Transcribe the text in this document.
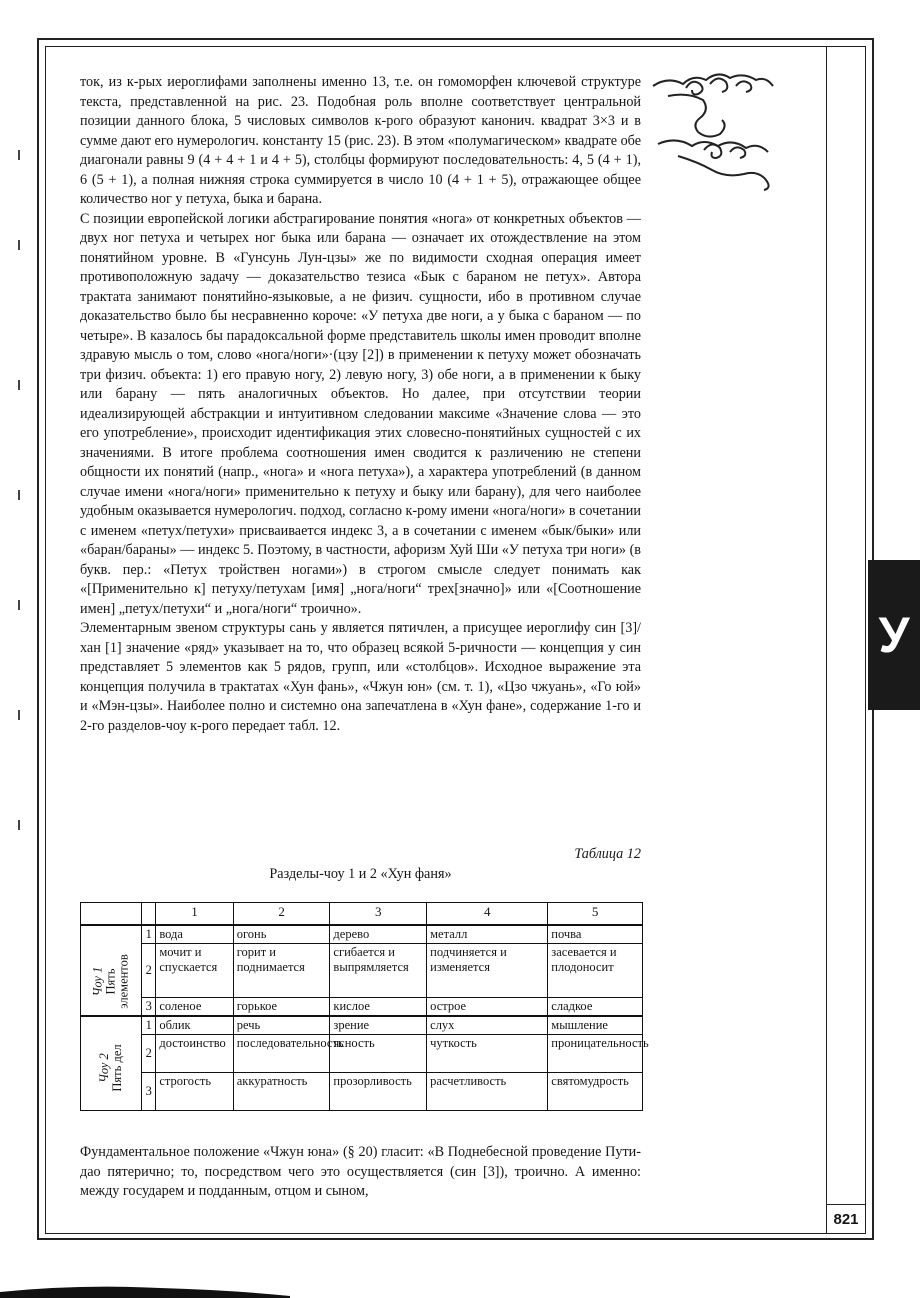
821
У

ток, из к-рых иероглифами заполнены именно 13, т.е. он гомоморфен ключевой структуре текста, представленной на рис. 23. Подобная роль вполне соответствует центральной позиции данного блока, 5 числовых символов к-рого образуют канонич. квадрат 3×3 и в сумме дают его нумерологич. константу 15 (рис. 23). В этом «полумагическом» квадрате обе диагонали равны 9 (4 + 4 + 1 и 4 + 5), столбцы формируют последовательность: 4, 5 (4 + 1), 6 (5 + 1), а полная нижняя строка суммируется в число 10 (4 + 1 + 5), отражающее общее количество ног у петуха, быка и барана.

С позиции европейской логики абстрагирование понятия «нога» от конкретных объектов — двух ног петуха и четырех ног быка или барана — означает их отождествление на этом понятийном уровне. В «Гунсунь Лун-цзы» же по видимости сходная операция имеет противоположную задачу — доказательство тезиса «Бык с бараном не петух». Автора трактата занимают понятийно-языковые, а не физич. сущности, ибо в противном случае доказательство было бы несравненно короче: «У петуха две ноги, а у быка с бараном — по четыре». В казалось бы парадоксальной форме представитель школы имен проводит вполне здравую мысль о том, слово «нога/ноги»·(цзу [2]) в применении к петуху может обозначать три физич. объекта: 1) его правую ногу, 2) левую ногу, 3) обе ноги, а в применении к быку или барану — пять аналогичных объектов. Но далее, при отсутствии теории идеализирующей абстракции и интуитивном следовании максиме «Значение слова — это его употребление», происходит идентификация этих словесно-понятийных сущностей с их значениями. В итоге проблема соотношения имен сводится к различению не степени общности их понятий (напр., «нога» и «нога петуха»), а характера употреблений (в данном случае имени «нога/ноги» применительно к петуху и быку или барану), для чего наиболее удобным оказывается нумерологич. подход, согласно к-рому имени «нога/ноги» в сочетании с именем «петух/петухи» присваивается индекс 3, а в сочетании с именем «бык/быки» или «баран/бараны» — индекс 5. Поэтому, в частности, афоризм Хуй Ши «У петуха три ноги» (в букв. пер.: «Петух тройствен ногами») в строгом смысле следует понимать как «[Применительно к] петуху/петухам [имя] „нога/ноги“ трех[значно]» или «[Соотношение имен] „петух/петухи“ и „нога/ноги“ троично».

Элементарным звеном структуры сань у является пятичлен, а присущее иероглифу син [3]/хан [1] значение «ряд» указывает на то, что образец всякой 5-ричности — концепция у син представляет 5 элементов как 5 рядов, групп, или «столбцов». Исходное выражение эта концепция получила в трактатах «Хун фань», «Чжун юн» (см. т. 1), «Цзо чжуань», «Го юй» и «Мэн-цзы». Наиболее полно и системно она запечатлена в «Хун фане», содержание 1-го и 2-го разделов-чоу к-рого передает табл. 12.

Таблица 12
Разделы-чоу 1 и 2 «Хун фаня»
		1	2	3	4	5

Чоу 1 Пять элементов	1	вода	огонь	дерево	металл	почва
	2	мочит и спускается	горит и поднимается	сгибается и выпрямляется	подчиняется и изменяется	засевается и плодоносит
	3	соленое	горькое	кислое	острое	сладкое

Чоу 2 Пять дел	1	облик	речь	зрение	слух	мышление
	2	достоинство	последовательность	ясность	чуткость	проницательность
	3	строгость	аккуратность	прозорливость	расчетливость	святомудрость
Фундаментальное положение «Чжун юна» (§ 20) гласит: «В Поднебесной проведение Пути-дао пятерично; то, посредством чего это осуществляется (син [3]), троично. А именно: между государем и подданным, отцом и сыном,
